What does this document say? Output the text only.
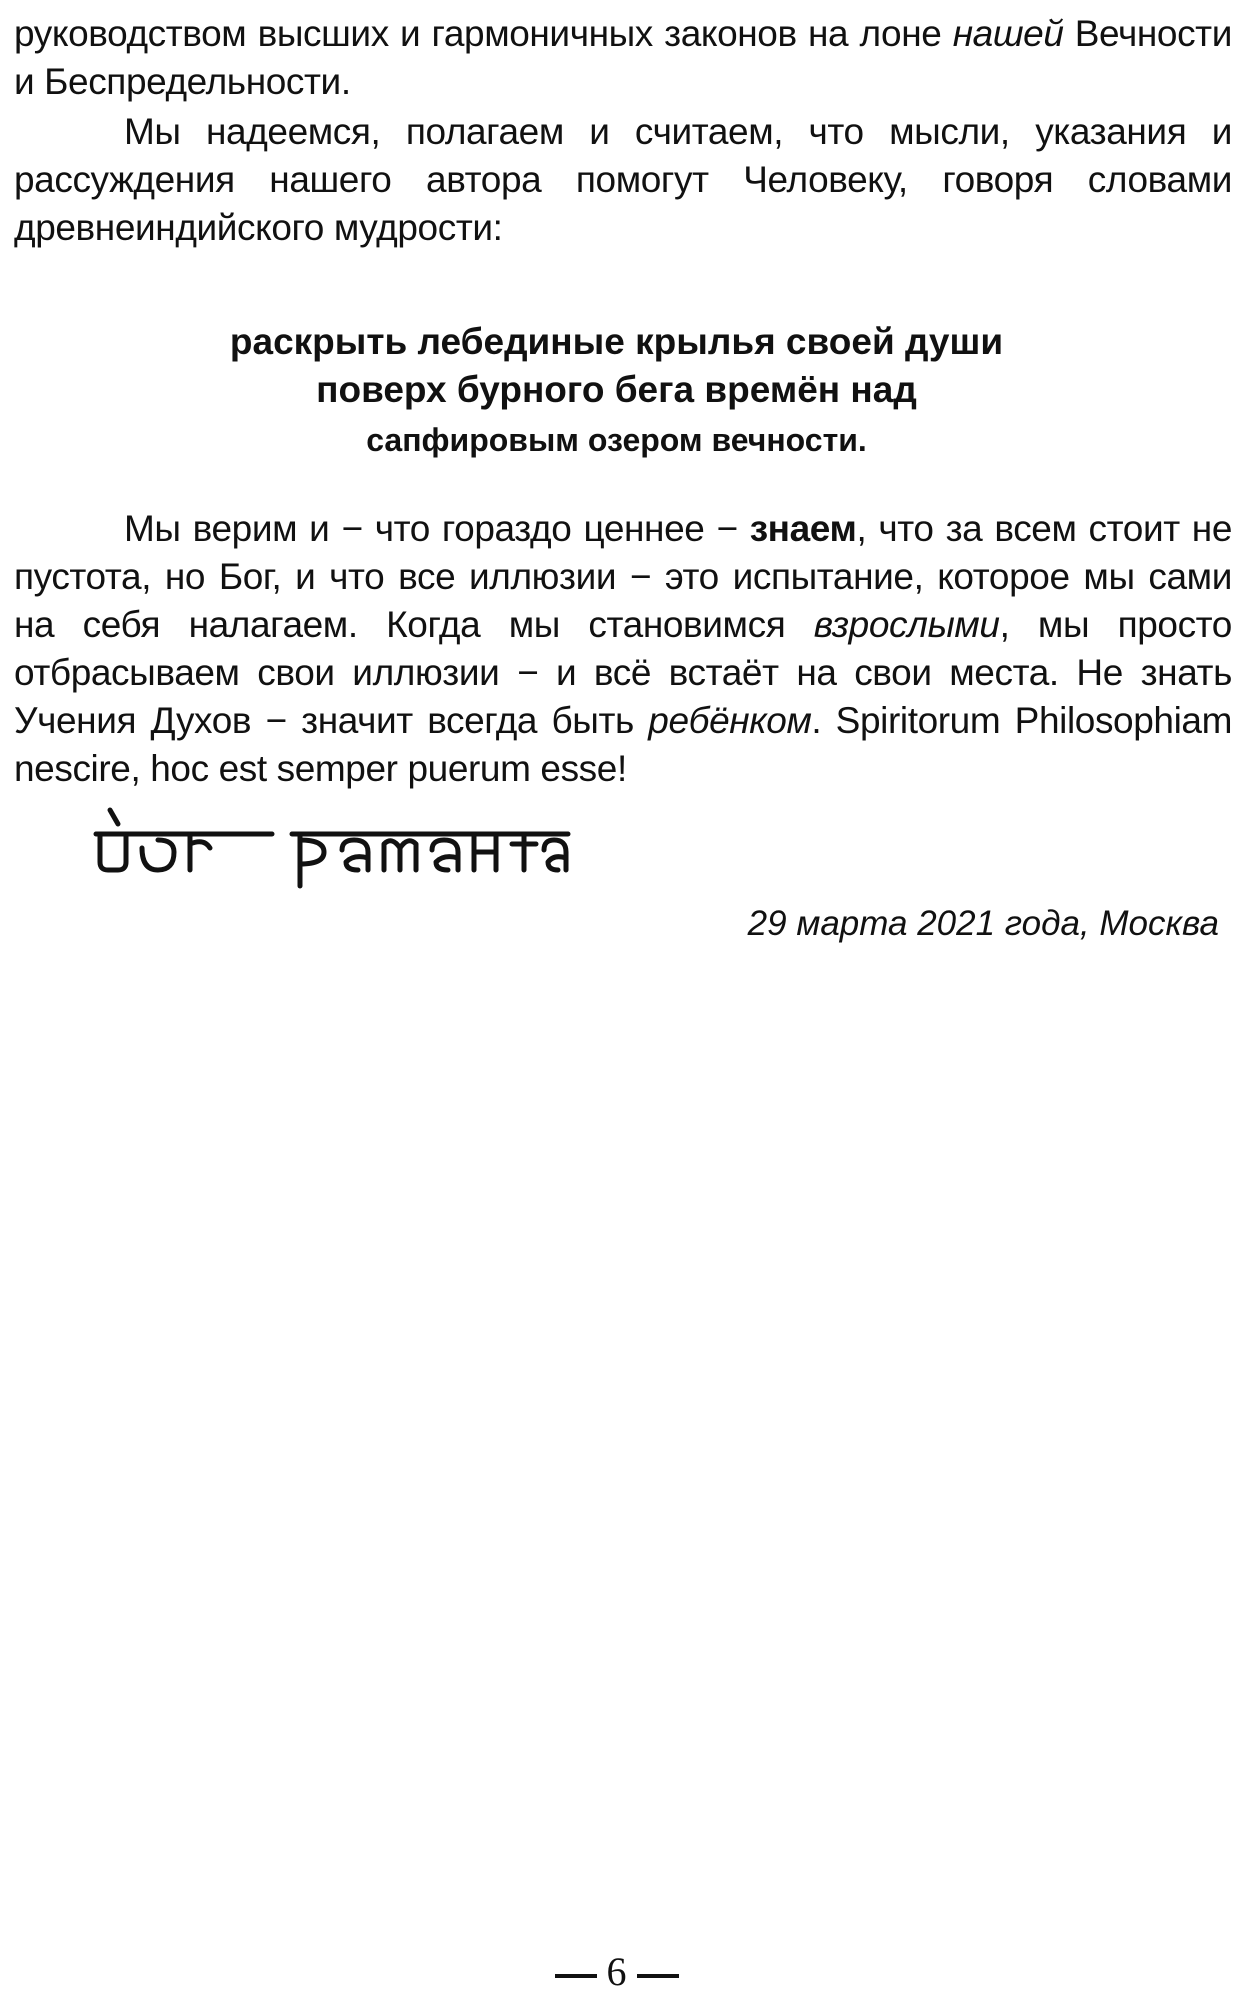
руководством высших и гармоничных законов на лоне нашей Вечности и Беспредельности.

Мы надеемся, полагаем и считаем, что мысли, указания и рассуждения нашего автора помогут Человеку, говоря словами древнеиндийского мудрости:

раскрыть лебединые крылья своей души
поверх бурного бега времён над
сапфировым озером вечности.

Мы верим и − что гораздо ценнее − знаем, что за всем стоит не пустота, но Бог, и что все иллюзии − это испытание, которое мы сами на себя налагаем. Когда мы становимся взрослыми, мы просто отбрасываем свои иллюзии − и всё встаёт на свои места. Не знать Учения Духов − значит всегда быть ребёнком. Spiritorum Philosophiam nescire, hoc est semper puerum esse!

29 марта 2021 года, Москва
6
